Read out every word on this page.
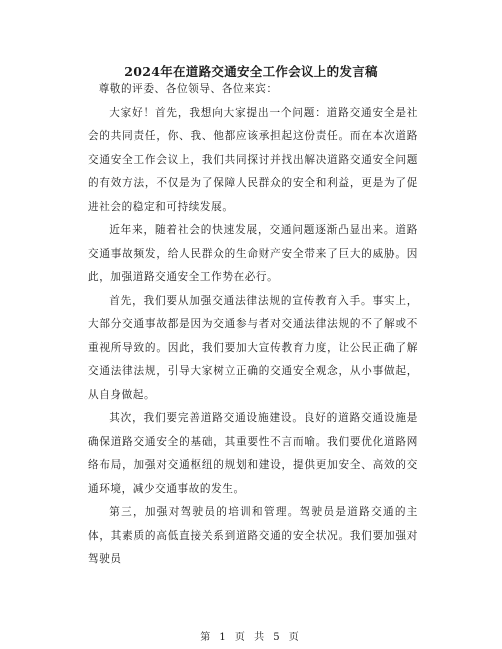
2024年在道路交通安全工作会议上的发言稿

尊敬的评委、各位领导、各位来宾：

大家好！首先，我想向大家提出一个问题：道路交通安全是社会的共同责任，你、我、他都应该承担起这份责任。而在本次道路交通安全工作会议上，我们共同探讨并找出解决道路交通安全问题的有效方法，不仅是为了保障人民群众的安全和利益，更是为了促进社会的稳定和可持续发展。

近年来，随着社会的快速发展，交通问题逐渐凸显出来。道路交通事故频发，给人民群众的生命财产安全带来了巨大的威胁。因此，加强道路交通安全工作势在必行。

首先，我们要从加强交通法律法规的宣传教育入手。事实上，大部分交通事故都是因为交通参与者对交通法律法规的不了解或不重视所导致的。因此，我们要加大宣传教育力度，让公民正确了解交通法律法规，引导大家树立正确的交通安全观念，从小事做起，从自身做起。

其次，我们要完善道路交通设施建设。良好的道路交通设施是确保道路交通安全的基础，其重要性不言而喻。我们要优化道路网络布局，加强对交通枢纽的规划和建设，提供更加安全、高效的交通环境，减少交通事故的发生。

第三，加强对驾驶员的培训和管理。驾驶员是道路交通的主体，其素质的高低直接关系到道路交通的安全状况。我们要加强对驾驶员

第 1 页 共 5 页
